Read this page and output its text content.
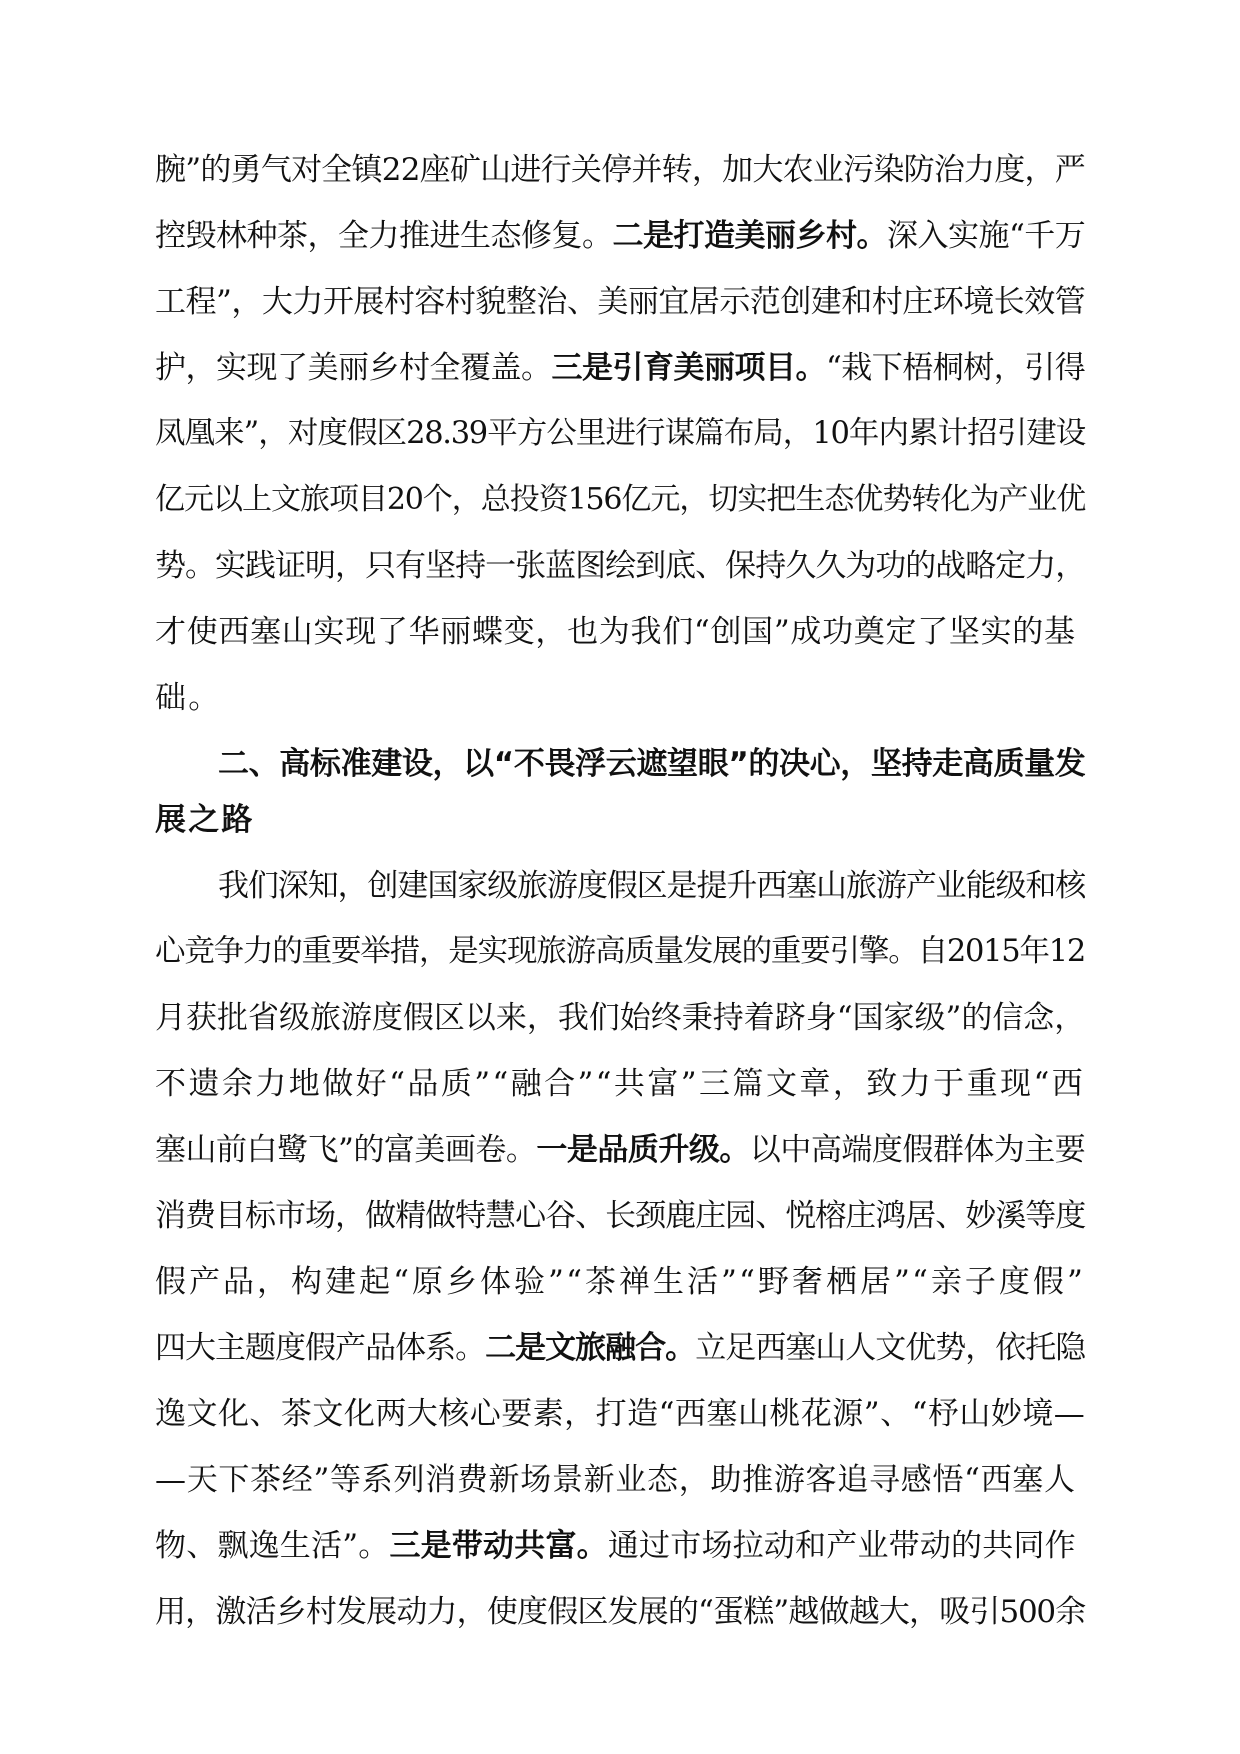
腕”的勇气对全镇22座矿山进行关停并转，加大农业污染防治力度，严
控毁林种茶，全力推进生态修复。二是打造美丽乡村。深入实施“千万
工程”，大力开展村容村貌整治、美丽宜居示范创建和村庄环境长效管
护，实现了美丽乡村全覆盖。三是引育美丽项目。“栽下梧桐树，引得
凤凰来”，对度假区28.39平方公里进行谋篇布局，10年内累计招引建设
亿元以上文旅项目20个，总投资156亿元，切实把生态优势转化为产业优
势。实践证明，只有坚持一张蓝图绘到底、保持久久为功的战略定力，
才使西塞山实现了华丽蝶变，也为我们“创国”成功奠定了坚实的基
础。
二、高标准建设，以“不畏浮云遮望眼”的决心，坚持走高质量发
展之路
我们深知，创建国家级旅游度假区是提升西塞山旅游产业能级和核
心竞争力的重要举措，是实现旅游高质量发展的重要引擎。自2015年12
月获批省级旅游度假区以来，我们始终秉持着跻身“国家级”的信念，
不遗余力地做好“品质”“融合”“共富”三篇文章，致力于重现“西
塞山前白鹭飞”的富美画卷。一是品质升级。以中高端度假群体为主要
消费目标市场，做精做特慧心谷、长颈鹿庄园、悦榕庄鸿居、妙溪等度
假产品，构建起“原乡体验”“茶禅生活”“野奢栖居”“亲子度假”
四大主题度假产品体系。二是文旅融合。立足西塞山人文优势，依托隐
逸文化、茶文化两大核心要素，打造“西塞山桃花源”、“杼山妙境—
—天下茶经”等系列消费新场景新业态，助推游客追寻感悟“西塞人
物、飘逸生活”。三是带动共富。通过市场拉动和产业带动的共同作
用，激活乡村发展动力，使度假区发展的“蛋糕”越做越大，吸引500余
